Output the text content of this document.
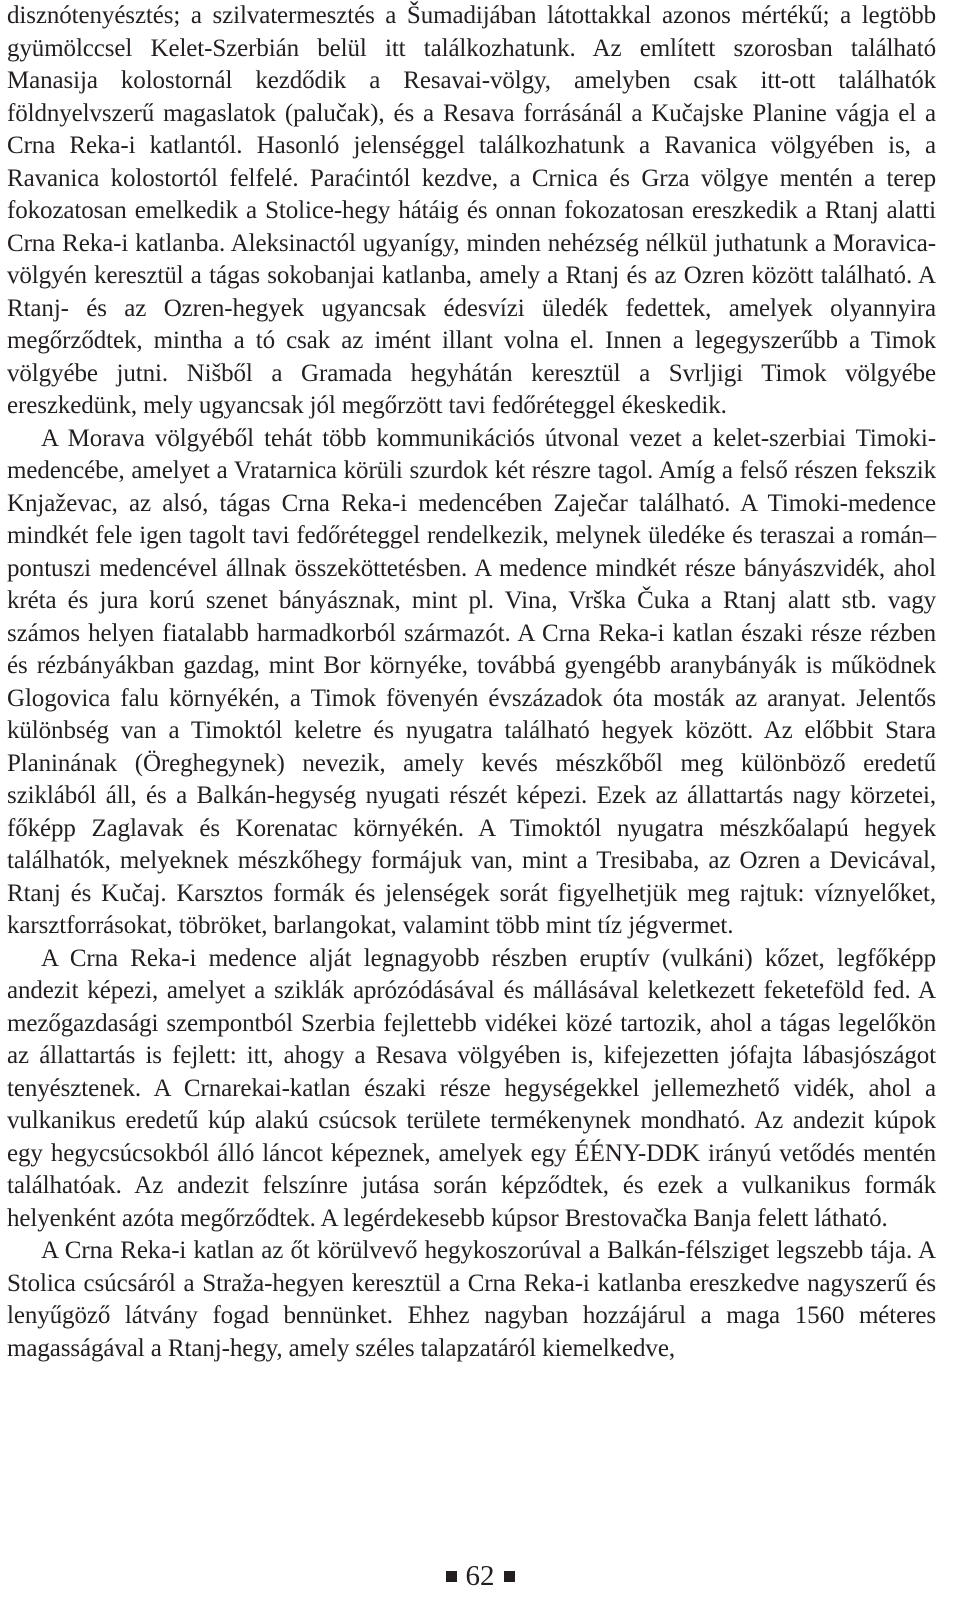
disznótenyésztés; a szilvatermesztés a Šumadijában látottakkal azonos mértékű; a legtöbb gyümölccsel Kelet-Szerbián belül itt találkozhatunk. Az említett szorosban található Manasija kolostornál kezdődik a Resavai-völgy, amelyben csak itt-ott találhatók földnyelvszerű magaslatok (palučak), és a Resava forrásánál a Kučajske Planine vágja el a Crna Reka-i katlantól. Hasonló jelenséggel találkozhatunk a Ravanica völgyében is, a Ravanica kolostortól felfelé. Paraćintól kezdve, a Crnica és Grza völgye mentén a terep fokozatosan emelkedik a Stolice-hegy hátáig és onnan fokozatosan ereszkedik a Rtanj alatti Crna Reka-i katlanba. Aleksinactól ugyanígy, minden nehézség nélkül juthatunk a Moravica-völgyén keresztül a tágas sokobanjai katlanba, amely a Rtanj és az Ozren között található. A Rtanj- és az Ozren-hegyek ugyancsak édesvízi üledék fedettek, amelyek olyannyira megőrződtek, mintha a tó csak az imént illant volna el. Innen a legegyszerűbb a Timok völgyébe jutni. Nišből a Gramada hegyhátán keresztül a Svrljigi Timok völgyébe ereszkedünk, mely ugyancsak jól megőrzött tavi fedőréteggel ékeskedik.

A Morava völgyéből tehát több kommunikációs útvonal vezet a kelet-szerbiai Timoki-medencébe, amelyet a Vratarnica körüli szurdok két részre tagol. Amíg a felső részen fekszik Knjaževac, az alsó, tágas Crna Reka-i medencében Zaječar található. A Timoki-medence mindkét fele igen tagolt tavi fedőréteggel rendelkezik, melynek üledéke és teraszai a román–pontuszi medencével állnak összeköttetésben. A medence mindkét része bányászvidék, ahol kréta és jura korú szenet bányásznak, mint pl. Vina, Vrška Čuka a Rtanj alatt stb. vagy számos helyen fiatalabb harmadkorból származót. A Crna Reka-i katlan északi része rézben és rézbányákban gazdag, mint Bor környéke, továbbá gyengébb aranybányák is működnek Glogovica falu környékén, a Timok fövenyén évszázadok óta mosták az aranyat. Jelentős különbség van a Timoktól keletre és nyugatra található hegyek között. Az előbbit Stara Planinának (Öreghegynek) nevezik, amely kevés mészkőből meg különböző eredetű sziklából áll, és a Balkán-hegység nyugati részét képezi. Ezek az állattartás nagy körzetei, főképp Zaglavak és Korenatac környékén. A Timoktól nyugatra mészkőalapú hegyek találhatók, melyeknek mészkőhegy formájuk van, mint a Tresibaba, az Ozren a Devicával, Rtanj és Kučaj. Karsztos formák és jelenségek sorát figyelhetjük meg rajtuk: víznyelőket, karsztforrásokat, töbröket, barlangokat, valamint több mint tíz jégvermet.

A Crna Reka-i medence alját legnagyobb részben eruptív (vulkáni) kőzet, legfőképp andezit képezi, amelyet a sziklák aprózódásával és mállásával keletkezett feketeföld fed. A mezőgazdasági szempontból Szerbia fejlettebb vidékei közé tartozik, ahol a tágas legelőkön az állattartás is fejlett: itt, ahogy a Resava völgyében is, kifejezetten jófajta lábasjószágot tenyésztenek. A Crnarekai-katlan északi része hegységekkel jellemezhető vidék, ahol a vulkanikus eredetű kúp alakú csúcsok területe termékenynek mondható. Az andezit kúpok egy hegycsúcsokból álló láncot képeznek, amelyek egy ÉÉNY-DDK irányú vetődés mentén találhatóak. Az andezit felszínre jutása során képződtek, és ezek a vulkanikus formák helyenként azóta megőrződtek. A legérdekesebb kúpsor Brestovačka Banja felett látható.

A Crna Reka-i katlan az őt körülvevő hegykoszorúval a Balkán-félsziget legszebb tája. A Stolica csúcsáról a Straža-hegyen keresztül a Crna Reka-i katlanba ereszkedve nagyszerű és lenyűgöző látvány fogad bennünket. Ehhez nagyban hozzájárul a maga 1560 méteres magasságával a Rtanj-hegy, amely széles talapzatáról kiemelkedve,

62
